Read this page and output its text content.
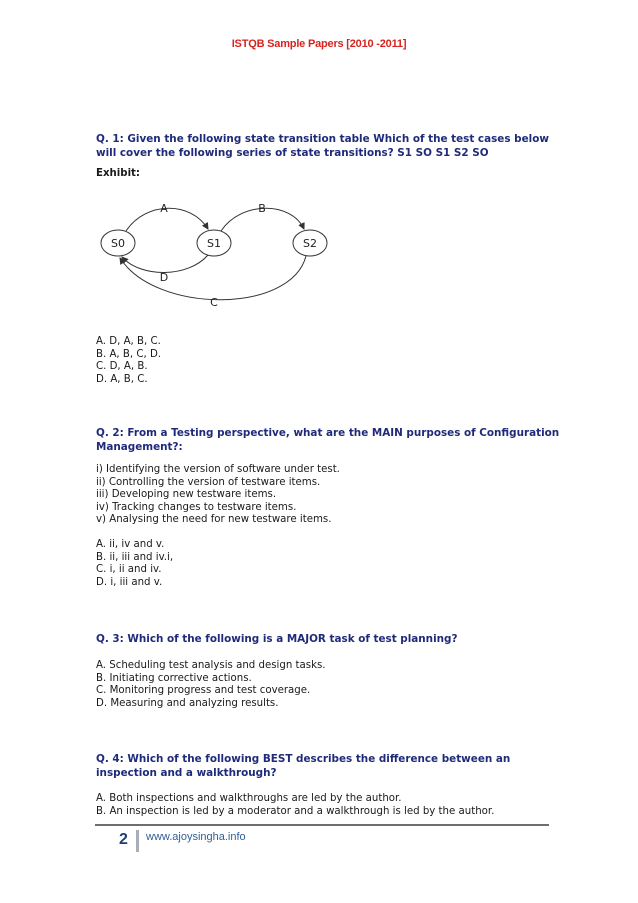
ISTQB Sample Papers [2010 -2011]
Q. 1: Given the following state transition table Which of the test cases below will cover the following series of state transitions? S1 SO S1 S2 SO
Exhibit:
S0	S1	S2
A	B
C
D
A. D, A, B, C.
B. A, B, C, D.
C. D, A, B.
D. A, B, C.
Q. 2: From a Testing perspective, what are the MAIN purposes of Configuration Management?:
i) Identifying the version of software under test.
ii) Controlling the version of testware items.
iii) Developing new testware items.
iv) Tracking changes to testware items.
v) Analysing the need for new testware items.
A. ii, iv and v.
B. ii, iii and iv.i,
C. i, ii and iv.
D. i, iii and v.
Q. 3: Which of the following is a MAJOR task of test planning?
A. Scheduling test analysis and design tasks.
B. Initiating corrective actions.
C. Monitoring progress and test coverage.
D. Measuring and analyzing results.
Q. 4: Which of the following BEST describes the difference between an inspection and a walkthrough?
A. Both inspections and walkthroughs are led by the author.
B. An inspection is led by a moderator and a walkthrough is led by the author.
2 www.ajoysingha.info
